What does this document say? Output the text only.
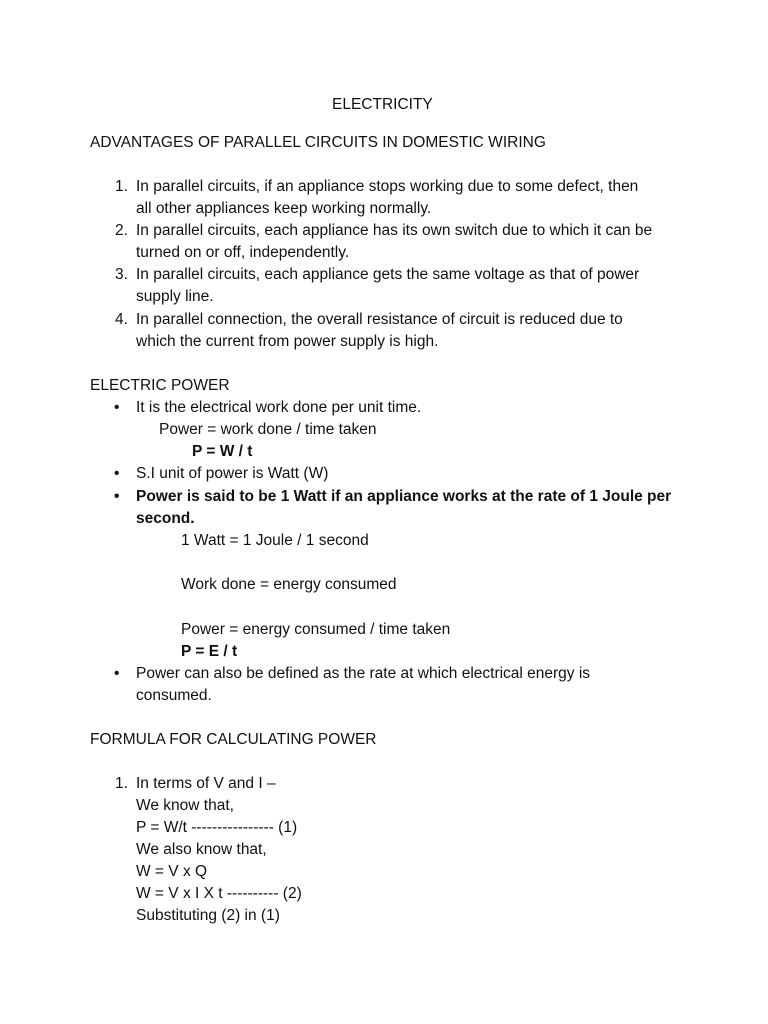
ELECTRICITY
ADVANTAGES OF PARALLEL CIRCUITS IN DOMESTIC WIRING
1. In parallel circuits, if an appliance stops working due to some defect, then
all other appliances keep working normally.
2. In parallel circuits, each appliance has its own switch due to which it can be
turned on or off, independently.
3. In parallel circuits, each appliance gets the same voltage as that of power
supply line.
4. In parallel connection, the overall resistance of circuit is reduced due to
which the current from power supply is high.
ELECTRIC POWER
• It is the electrical work done per unit time.
Power = work done / time taken
P = W / t
• S.I unit of power is Watt (W)
• Power is said to be 1 Watt if an appliance works at the rate of 1 Joule per
second.
1 Watt = 1 Joule / 1 second
Work done = energy consumed
Power = energy consumed / time taken
P = E / t
• Power can also be defined as the rate at which electrical energy is
consumed.
FORMULA FOR CALCULATING POWER
1. In terms of V and I –
We know that,
P = W/t ---------------- (1)
We also know that,
W = V x Q
W = V x I X t ---------- (2)
Substituting (2) in (1)
